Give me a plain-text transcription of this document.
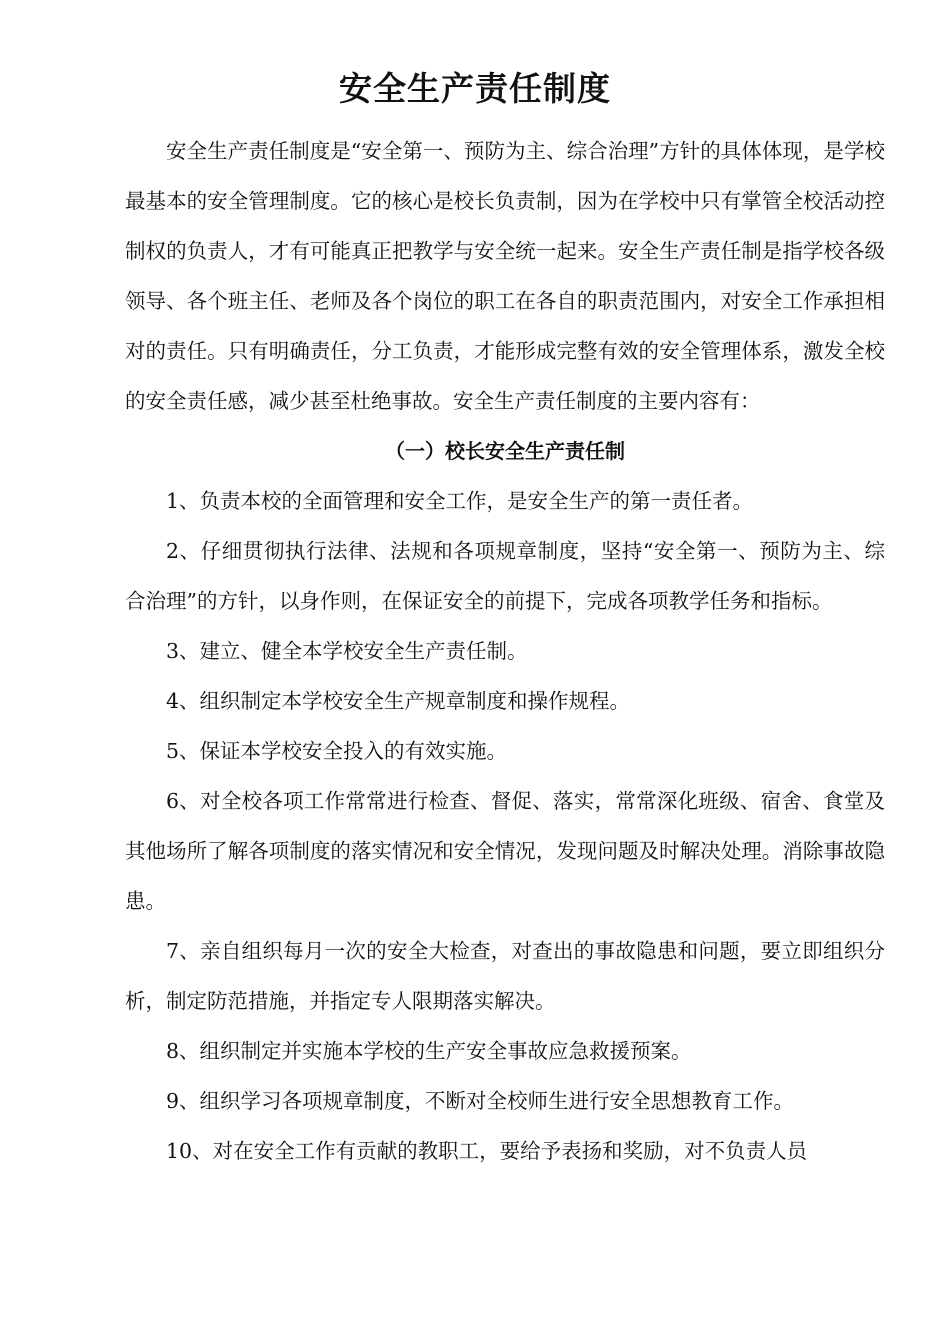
安全生产责任制度

安全生产责任制度是“安全第一、预防为主、综合治理”方针的具体体现，是学校最基本的安全管理制度。它的核心是校长负责制，因为在学校中只有掌管全校活动控制权的负责人，才有可能真正把教学与安全统一起来。安全生产责任制是指学校各级领导、各个班主任、老师及各个岗位的职工在各自的职责范围内，对安全工作承担相对的责任。只有明确责任，分工负责，才能形成完整有效的安全管理体系，激发全校的安全责任感，减少甚至杜绝事故。安全生产责任制度的主要内容有：

（一）校长安全生产责任制

1、负责本校的全面管理和安全工作，是安全生产的第一责任者。

2、仔细贯彻执行法律、法规和各项规章制度，坚持“安全第一、预防为主、综合治理”的方针，以身作则，在保证安全的前提下，完成各项教学任务和指标。

3、建立、健全本学校安全生产责任制。

4、组织制定本学校安全生产规章制度和操作规程。

5、保证本学校安全投入的有效实施。

6、对全校各项工作常常进行检查、督促、落实，常常深化班级、宿舍、食堂及其他场所了解各项制度的落实情况和安全情况，发现问题及时解决处理。消除事故隐患。

7、亲自组织每月一次的安全大检查，对查出的事故隐患和问题，要立即组织分析，制定防范措施，并指定专人限期落实解决。

8、组织制定并实施本学校的生产安全事故应急救援预案。

9、组织学习各项规章制度，不断对全校师生进行安全思想教育工作。

10、对在安全工作有贡献的教职工，要给予表扬和奖励，对不负责人员
